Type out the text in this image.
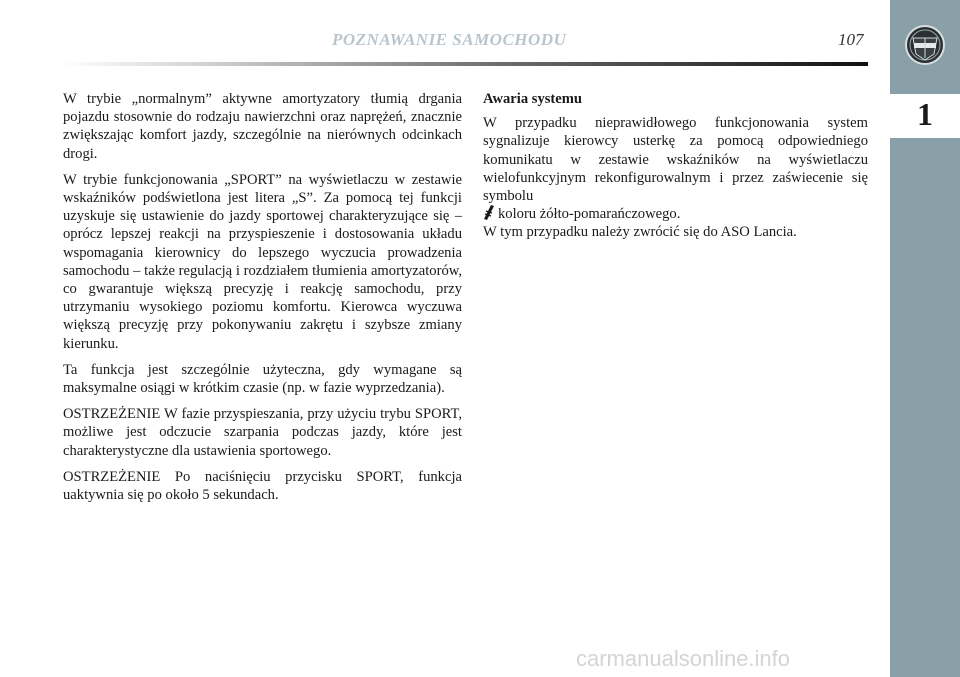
POZNAWANIE SAMOCHODU	107
1

W trybie „normalnym” aktywne amortyzatory tłumią drgania pojazdu stosownie do rodzaju nawierzchni oraz naprężeń, znacznie zwiększając komfort jazdy, szczególnie na nierównych odcinkach drogi.

W trybie funkcjonowania „SPORT” na wyświetlaczu w zestawie wskaźników podświetlona jest litera „S”. Za pomocą tej funkcji uzyskuje się ustawienie do jazdy sportowej charakteryzujące się – oprócz lepszej reakcji na przyspieszenie i dostosowania układu wspomagania kierownicy do lepszego wyczucia prowadzenia samochodu – także regulacją i rozdziałem tłumienia amortyzatorów, co gwarantuje większą precyzję i reakcję samochodu, przy utrzymaniu wysokiego poziomu komfortu. Kierowca wyczuwa większą precyzję przy pokonywaniu zakrętu i szybsze zmiany kierunku.

Ta funkcja jest szczególnie użyteczna, gdy wymagane są maksymalne osiągi w krótkim czasie (np. w fazie wyprzedzania).

OSTRZEŻENIE W fazie przyspieszania, przy użyciu trybu SPORT, możliwe jest odczucie szarpania podczas jazdy, które jest charakterystyczne dla ustawienia sportowego.

OSTRZEŻENIE Po naciśnięciu przycisku SPORT, funkcja uaktywnia się po około 5 sekundach.

Awaria systemu

W przypadku nieprawidłowego funkcjonowania system sygnalizuje kierowcy usterkę za pomocą odpowiedniego komunikatu w zestawie wskaźników na wyświetlaczu wielofunkcyjnym rekonfigurowalnym i przez zaświecenie się symbolu
koloru żółto-pomarańczowego.

W tym przypadku należy zwrócić się do ASO Lancia.

carmanualsonline.info
